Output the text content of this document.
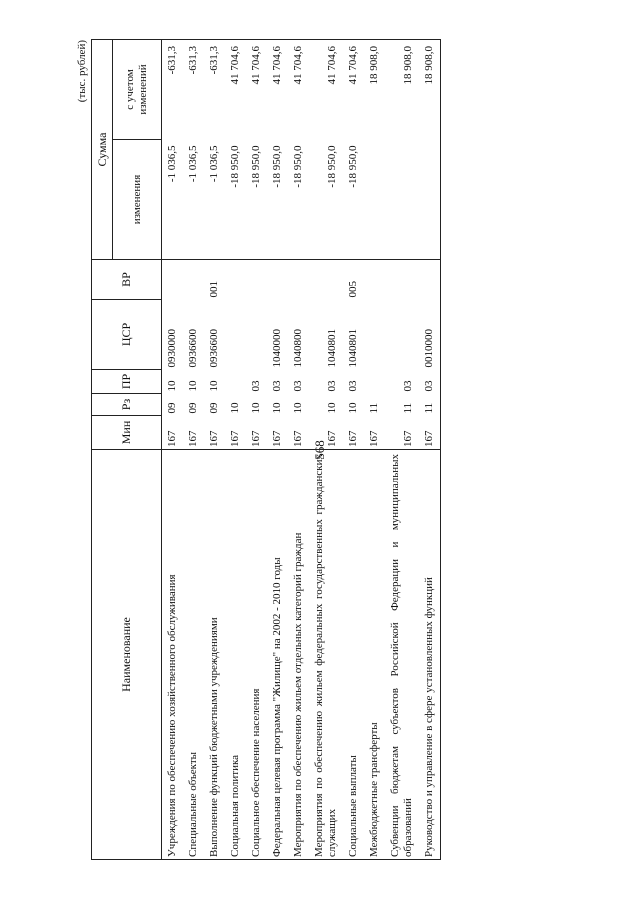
568
(тыс. рублей)
Наименование	Мин	Рз	ПР	ЦСР	ВР	Сумма	
						изменения	с учетом изменений
Учреждения по обеспечению хозяйственного обслуживания	167	09	10	0930000		-1 036,5	-631,3
Специальные объекты	167	09	10	0936600		-1 036,5	-631,3
Выполнение функций бюджетными учреждениями	167	09	10	0936600	001	-1 036,5	-631,3
Социальная политика	167	10				-18 950,0	41 704,6
Социальное обеспечение населения	167	10	03			-18 950,0	41 704,6
Федеральная целевая программа "Жилище" на 2002 - 2010 годы	167	10	03	1040000		-18 950,0	41 704,6
Мероприятия по обеспечению жильем отдельных категорий граждан	167	10	03	1040800		-18 950,0	41 704,6
Мероприятия по обеспечению жильем федеральных государственных гражданских служащих	167	10	03	1040801		-18 950,0	41 704,6
Социальные выплаты	167	10	03	1040801	005	-18 950,0	41 704,6
Межбюджетные трансферты	167	11					18 908,0
Субвенции бюджетам субъектов Российской Федерации и муниципальных образований	167	11	03				18 908,0
Руководство и управление в сфере установленных функций	167	11	03	0010000			18 908,0
